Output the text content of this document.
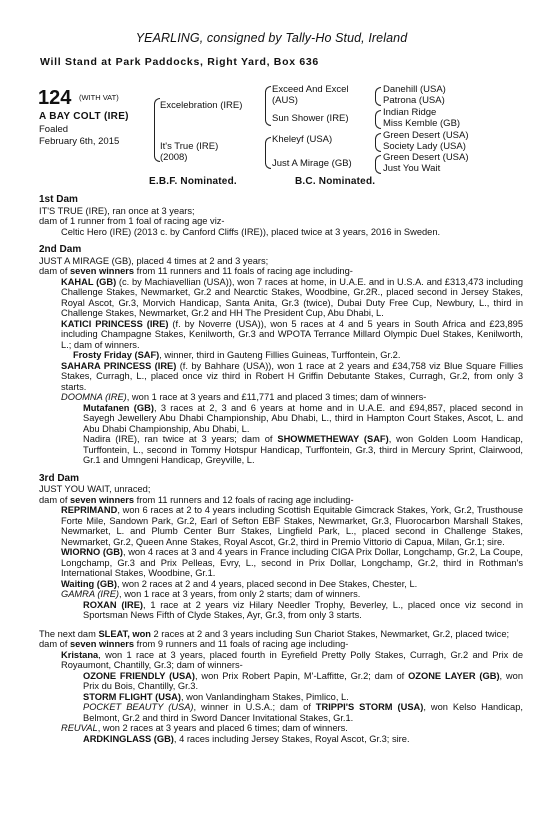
YEARLING, consigned by Tally-Ho Stud, Ireland
Will Stand at Park Paddocks, Right Yard, Box 636
124 (WITH VAT)
A BAY COLT (IRE)
Foaled
February 6th, 2015
Excelebration (IRE)
It's True (IRE)
(2008)
Exceed And Excel
(AUS)
Sun Shower (IRE)
Kheleyf (USA)
Just A Mirage (GB)
Danehill (USA)
Patrona (USA)
Indian Ridge
Miss Kemble (GB)
Green Desert (USA)
Society Lady (USA)
Green Desert (USA)
Just You Wait
E.B.F. Nominated.	B.C. Nominated.

1st Dam

IT'S TRUE (IRE), ran once at 3 years;

dam of 1 runner from 1 foal of racing age viz-

Celtic Hero (IRE) (2013 c. by Canford Cliffs (IRE)), placed twice at 3 years, 2016 in Sweden.

2nd Dam

JUST A MIRAGE (GB), placed 4 times at 2 and 3 years;

dam of seven winners from 11 runners and 11 foals of racing age including-

KAHAL (GB) (c. by Machiavellian (USA)), won 7 races at home, in U.A.E. and in U.S.A. and £313,473 including Challenge Stakes, Newmarket, Gr.2 and Nearctic Stakes, Woodbine, Gr.2R., placed second in Jersey Stakes, Royal Ascot, Gr.3, Morvich Handicap, Santa Anita, Gr.3 (twice), Dubai Duty Free Cup, Newbury, L., third in Challenge Stakes, Newmarket, Gr.2 and HH The President Cup, Abu Dhabi, L.

KATICI PRINCESS (IRE) (f. by Noverre (USA)), won 5 races at 4 and 5 years in South Africa and £23,895 including Champagne Stakes, Kenilworth, Gr.3 and WPOTA Terrance Millard Olympic Duel Stakes, Kenilworth, L.; dam of winners.

Frosty Friday (SAF), winner, third in Gauteng Fillies Guineas, Turffontein, Gr.2.

SAHARA PRINCESS (IRE) (f. by Bahhare (USA)), won 1 race at 2 years and £34,758 viz Blue Square Fillies Stakes, Curragh, L., placed once viz third in Robert H Griffin Debutante Stakes, Curragh, Gr.2, from only 3 starts.

DOOMNA (IRE), won 1 race at 3 years and £11,771 and placed 3 times; dam of winners-

Mutafanen (GB), 3 races at 2, 3 and 6 years at home and in U.A.E. and £94,857, placed second in Sayegh Jewellery Abu Dhabi Championship, Abu Dhabi, L., third in Hampton Court Stakes, Ascot, L. and Abu Dhabi Championship, Abu Dhabi, L.

Nadira (IRE), ran twice at 3 years; dam of SHOWMETHEWAY (SAF), won Golden Loom Handicap, Turffontein, L., second in Tommy Hotspur Handicap, Turffontein, Gr.3, third in Mercury Sprint, Clairwood, Gr.1 and Umngeni Handicap, Greyville, L.

3rd Dam

JUST YOU WAIT, unraced;

dam of seven winners from 11 runners and 12 foals of racing age including-

REPRIMAND, won 6 races at 2 to 4 years including Scottish Equitable Gimcrack Stakes, York, Gr.2, Trusthouse Forte Mile, Sandown Park, Gr.2, Earl of Sefton EBF Stakes, Newmarket, Gr.3, Fluorocarbon Marshall Stakes, Newmarket, L. and Plumb Center Burr Stakes, Lingfield Park, L., placed second in Challenge Stakes, Newmarket, Gr.2, Queen Anne Stakes, Royal Ascot, Gr.2, third in Premio Vittorio di Capua, Milan, Gr.1; sire.

WIORNO (GB), won 4 races at 3 and 4 years in France including CIGA Prix Dollar, Longchamp, Gr.2, La Coupe, Longchamp, Gr.3 and Prix Pelleas, Evry, L., second in Prix Dollar, Longchamp, Gr.2, third in Rothman's International Stakes, Woodbine, Gr.1.

Waiting (GB), won 2 races at 2 and 4 years, placed second in Dee Stakes, Chester, L.

GAMRA (IRE), won 1 race at 3 years, from only 2 starts; dam of winners.

ROXAN (IRE), 1 race at 2 years viz Hilary Needler Trophy, Beverley, L., placed once viz second in Sportsman News Fifth of Clyde Stakes, Ayr, Gr.3, from only 3 starts.

The next dam SLEAT, won 2 races at 2 and 3 years including Sun Chariot Stakes, Newmarket, Gr.2, placed twice;

dam of seven winners from 9 runners and 11 foals of racing age including-

Kristana, won 1 race at 3 years, placed fourth in Eyrefield Pretty Polly Stakes, Curragh, Gr.2 and Prix de Royaumont, Chantilly, Gr.3; dam of winners-

OZONE FRIENDLY (USA), won Prix Robert Papin, M'-Laffitte, Gr.2; dam of OZONE LAYER (GB), won Prix du Bois, Chantilly, Gr.3.

STORM FLIGHT (USA), won Vanlandingham Stakes, Pimlico, L.

POCKET BEAUTY (USA), winner in U.S.A.; dam of TRIPPI'S STORM (USA), won Kelso Handicap, Belmont, Gr.2 and third in Sword Dancer Invitational Stakes, Gr.1.

REUVAL, won 2 races at 3 years and placed 6 times; dam of winners.

ARDKINGLASS (GB), 4 races including Jersey Stakes, Royal Ascot, Gr.3; sire.
